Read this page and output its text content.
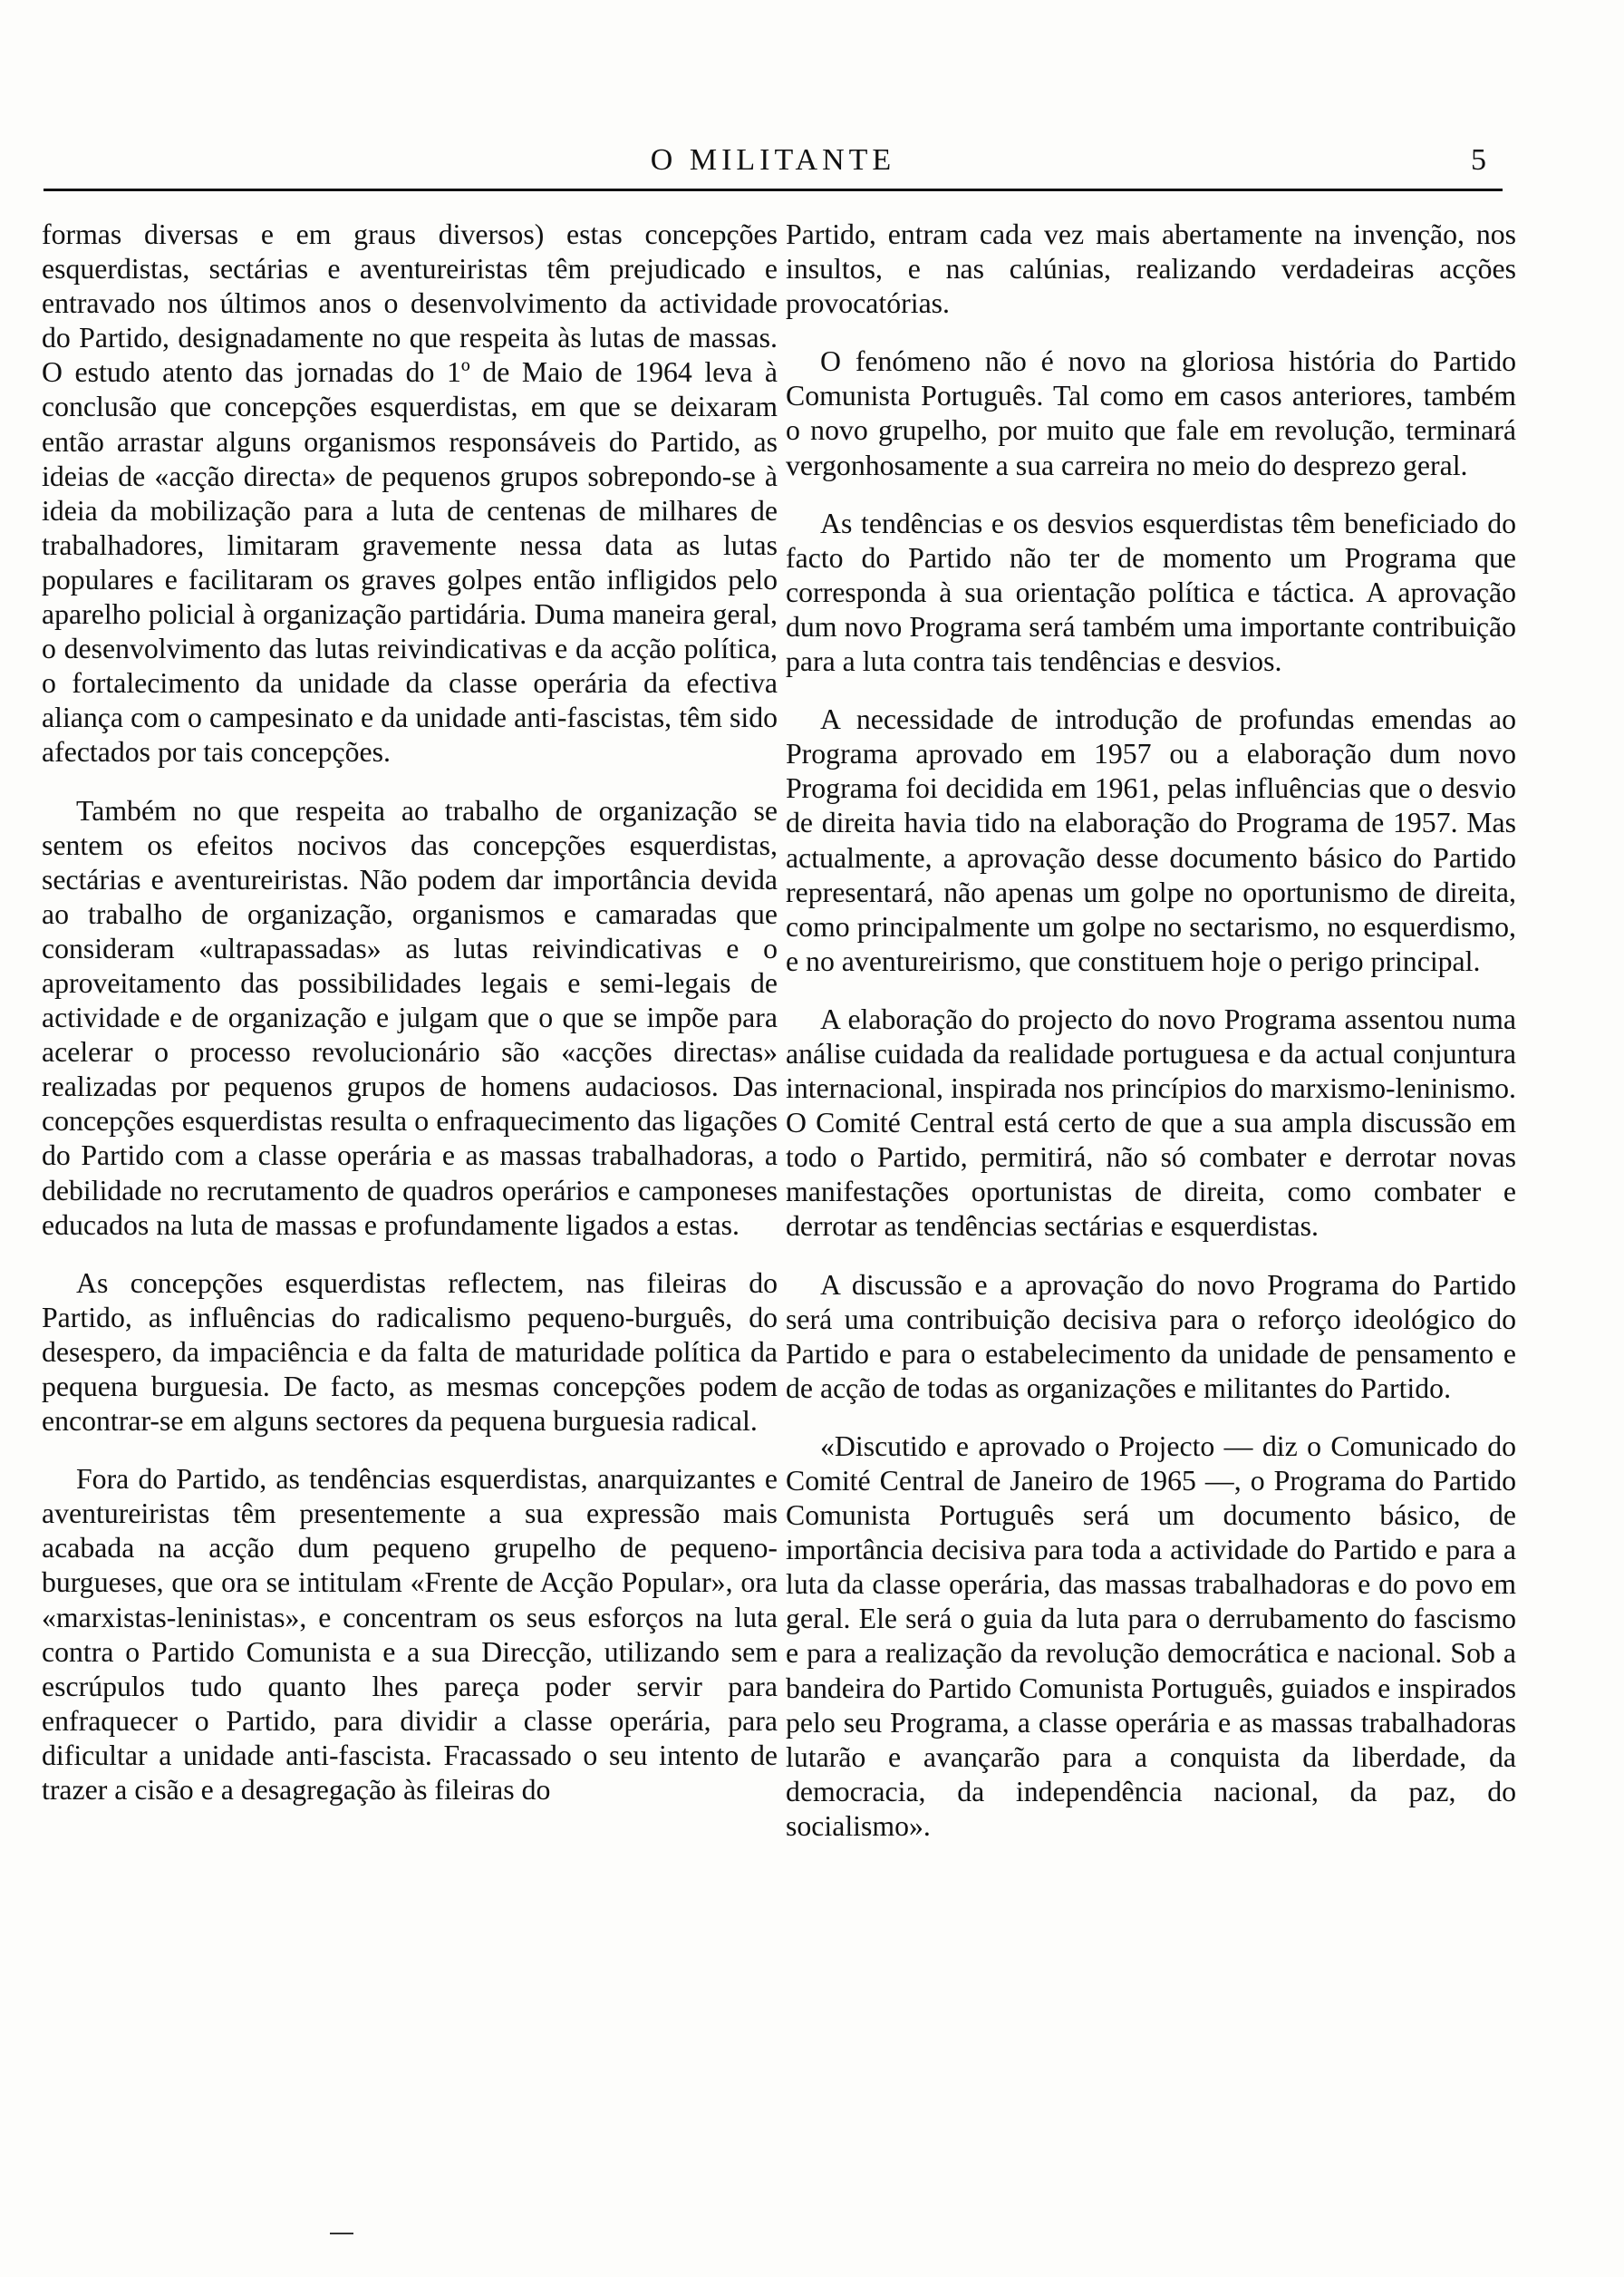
O MILITANTE	5

formas diversas e em graus diversos) estas concepções esquerdistas, sectárias e aventureiristas têm prejudicado e entravado nos últimos anos o desenvolvimento da actividade do Partido, designadamente no que respeita às lutas de massas. O estudo atento das jornadas do 1º de Maio de 1964 leva à conclusão que concepções esquerdistas, em que se deixaram então arrastar alguns organismos responsáveis do Partido, as ideias de «acção directa» de pequenos grupos sobrepondo-se à ideia da mobilização para a luta de centenas de milhares de trabalhadores, limitaram gravemente nessa data as lutas populares e facilitaram os graves golpes então infligidos pelo aparelho policial à organização partidária. Duma maneira geral, o desenvolvimento das lutas reivindicativas e da acção política, o fortalecimento da unidade da classe operária da efectiva aliança com o campesinato e da unidade anti-fascistas, têm sido afectados por tais concepções.

Também no que respeita ao trabalho de organização se sentem os efeitos nocivos das concepções esquerdistas, sectárias e aventureiristas. Não podem dar importância devida ao trabalho de organização, organismos e camaradas que consideram «ultrapassadas» as lutas reivindicativas e o aproveitamento das possibilidades legais e semi-legais de actividade e de organização e julgam que o que se impõe para acelerar o processo revolucionário são «acções directas» realizadas por pequenos grupos de homens audaciosos. Das concepções esquerdistas resulta o enfraquecimento das ligações do Partido com a classe operária e as massas trabalhadoras, a debilidade no recrutamento de quadros operários e camponeses educados na luta de massas e profundamente ligados a estas.

As concepções esquerdistas reflectem, nas fileiras do Partido, as influências do radicalismo pequeno-burguês, do desespero, da impaciência e da falta de maturidade política da pequena burguesia. De facto, as mesmas concepções podem encontrar-se em alguns sectores da pequena burguesia radical.

Fora do Partido, as tendências esquerdistas, anarquizantes e aventureiristas têm presentemente a sua expressão mais acabada na acção dum pequeno grupelho de pequeno-burgueses, que ora se intitulam «Frente de Acção Popular», ora «marxistas-leninistas», e concentram os seus esforços na luta contra o Partido Comunista e a sua Direcção, utilizando sem escrúpulos tudo quanto lhes pareça poder servir para enfraquecer o Partido, para dividir a classe operária, para dificultar a unidade anti-fascista. Fracassado o seu intento de trazer a cisão e a desagregação às fileiras do

Partido, entram cada vez mais abertamente na invenção, nos insultos, e nas calúnias, realizando verdadeiras acções provocatórias.

O fenómeno não é novo na gloriosa história do Partido Comunista Português. Tal como em casos anteriores, também o novo grupelho, por muito que fale em revolução, terminará vergonhosamente a sua carreira no meio do desprezo geral.

As tendências e os desvios esquerdistas têm beneficiado do facto do Partido não ter de momento um Programa que corresponda à sua orientação política e táctica. A aprovação dum novo Programa será também uma importante contribuição para a luta contra tais tendências e desvios.

A necessidade de introdução de profundas emendas ao Programa aprovado em 1957 ou a elaboração dum novo Programa foi decidida em 1961, pelas influências que o desvio de direita havia tido na elaboração do Programa de 1957. Mas actualmente, a aprovação desse documento básico do Partido representará, não apenas um golpe no oportunismo de direita, como principalmente um golpe no sectarismo, no esquerdismo, e no aventureirismo, que constituem hoje o perigo principal.

A elaboração do projecto do novo Programa assentou numa análise cuidada da realidade portuguesa e da actual conjuntura internacional, inspirada nos princípios do marxismo-leninismo. O Comité Central está certo de que a sua ampla discussão em todo o Partido, permitirá, não só combater e derrotar novas manifestações oportunistas de direita, como combater e derrotar as tendências sectárias e esquerdistas.

A discussão e a aprovação do novo Programa do Partido será uma contribuição decisiva para o reforço ideológico do Partido e para o estabelecimento da unidade de pensamento e de acção de todas as organizações e militantes do Partido.

«Discutido e aprovado o Projecto — diz o Comunicado do Comité Central de Janeiro de 1965 —, o Programa do Partido Comunista Português será um documento básico, de importância decisiva para toda a actividade do Partido e para a luta da classe operária, das massas trabalhadoras e do povo em geral. Ele será o guia da luta para o derrubamento do fascismo e para a realização da revolução democrática e nacional. Sob a bandeira do Partido Comunista Português, guiados e inspirados pelo seu Programa, a classe operária e as massas trabalhadoras lutarão e avançarão para a conquista da liberdade, da democracia, da independência nacional, da paz, do socialismo».
